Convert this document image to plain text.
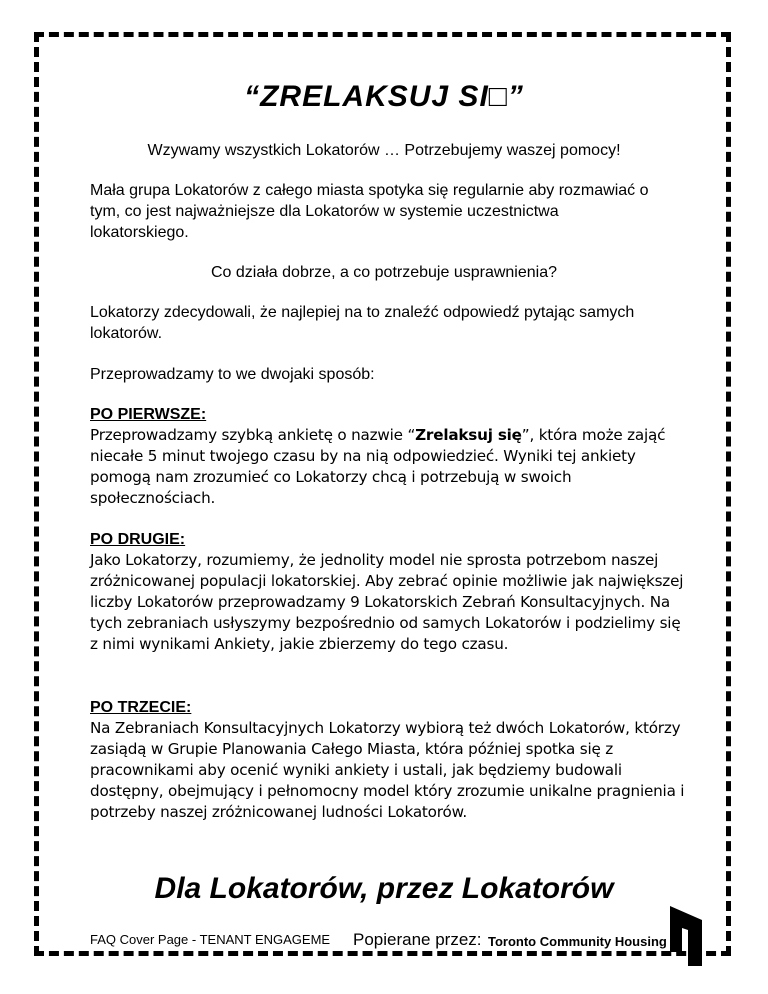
“ZRELAKSUJ SI□”
Wzywamy wszystkich Lokatorów … Potrzebujemy waszej pomocy!
Mała grupa Lokatorów z całego miasta spotyka się regularnie aby rozmawiać o tym, co jest najważniejsze dla Lokatorów w systemie uczestnictwa lokatorskiego.
Co działa dobrze, a co potrzebuje usprawnienia?
Lokatorzy zdecydowali, że najlepiej na to znaleźć odpowiedź pytając samych lokatorów.
Przeprowadzamy to we dwojaki sposób:
PO PIERWSZE:
Przeprowadzamy szybką ankietę o nazwie “Zrelaksuj się”, która może zająć niecałe 5 minut twojego czasu by na nią odpowiedzieć. Wyniki tej ankiety pomogą nam zrozumieć co Lokatorzy chcą i potrzebują w swoich społecznościach.
PO DRUGIE:
Jako Lokatorzy, rozumiemy, że jednolity model nie sprosta potrzebom naszej zróżnicowanej populacji lokatorskiej. Aby zebrać opinie możliwie jak największej liczby Lokatorów przeprowadzamy 9 Lokatorskich Zebrań Konsultacyjnych. Na tych zebraniach usłyszymy bezpośrednio od samych Lokatorów i podzielimy się z nimi wynikami Ankiety, jakie zbierzemy do tego czasu.
PO TRZECIE:
Na Zebraniach Konsultacyjnych Lokatorzy wybiorą też dwóch Lokatorów, którzy zasiądą w Grupie Planowania Całego Miasta, która później spotka się z pracownikami aby ocenić wyniki ankiety i ustali, jak będziemy budowali dostępny, obejmujący i pełnomocny model który zrozumie unikalne pragnienia i potrzeby naszej zróżnicowanej ludności Lokatorów.
Dla Lokatorów, przez Lokatorów
FAQ Cover Page - TENANT ENGAGEME Popierane przez: Toronto Community Housing
